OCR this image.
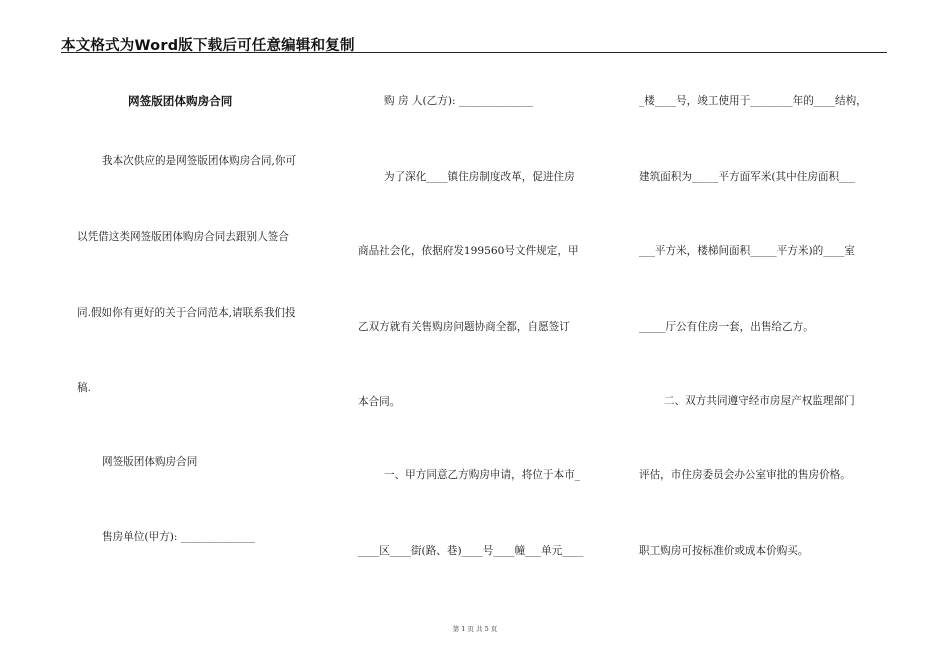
本文格式为Word版下载后可任意编辑和复制
网签版团体购房合同
我本次供应的是网签版团体购房合同,你可
以凭借这类网签版团体购房合同去跟别人签合
同.假如你有更好的关于合同范本,请联系我们投
稿.
网签版团体购房合同
售房单位(甲方): ______________
购 房 人(乙方): ______________
为了深化____镇住房制度改革，促进住房
商品社会化，依据府发199560号文件规定，甲
乙双方就有关售购房问题协商全都，自愿签订
本合同。
一、甲方同意乙方购房申请，将位于本市_
____区____街(路、巷)____号____幢___单元____
_楼____号，竣工使用于________年的____结构，
建筑面积为_____平方面军米(其中住房面积___
___平方米，楼梯间面积_____平方米)的____室
_____厅公有住房一套，出售给乙方。
二、双方共同遵守经市房屋产权监理部门
评估，市住房委员会办公室审批的售房价格。
职工购房可按标准价或成本价购买。
第 1 页 共 5 页
